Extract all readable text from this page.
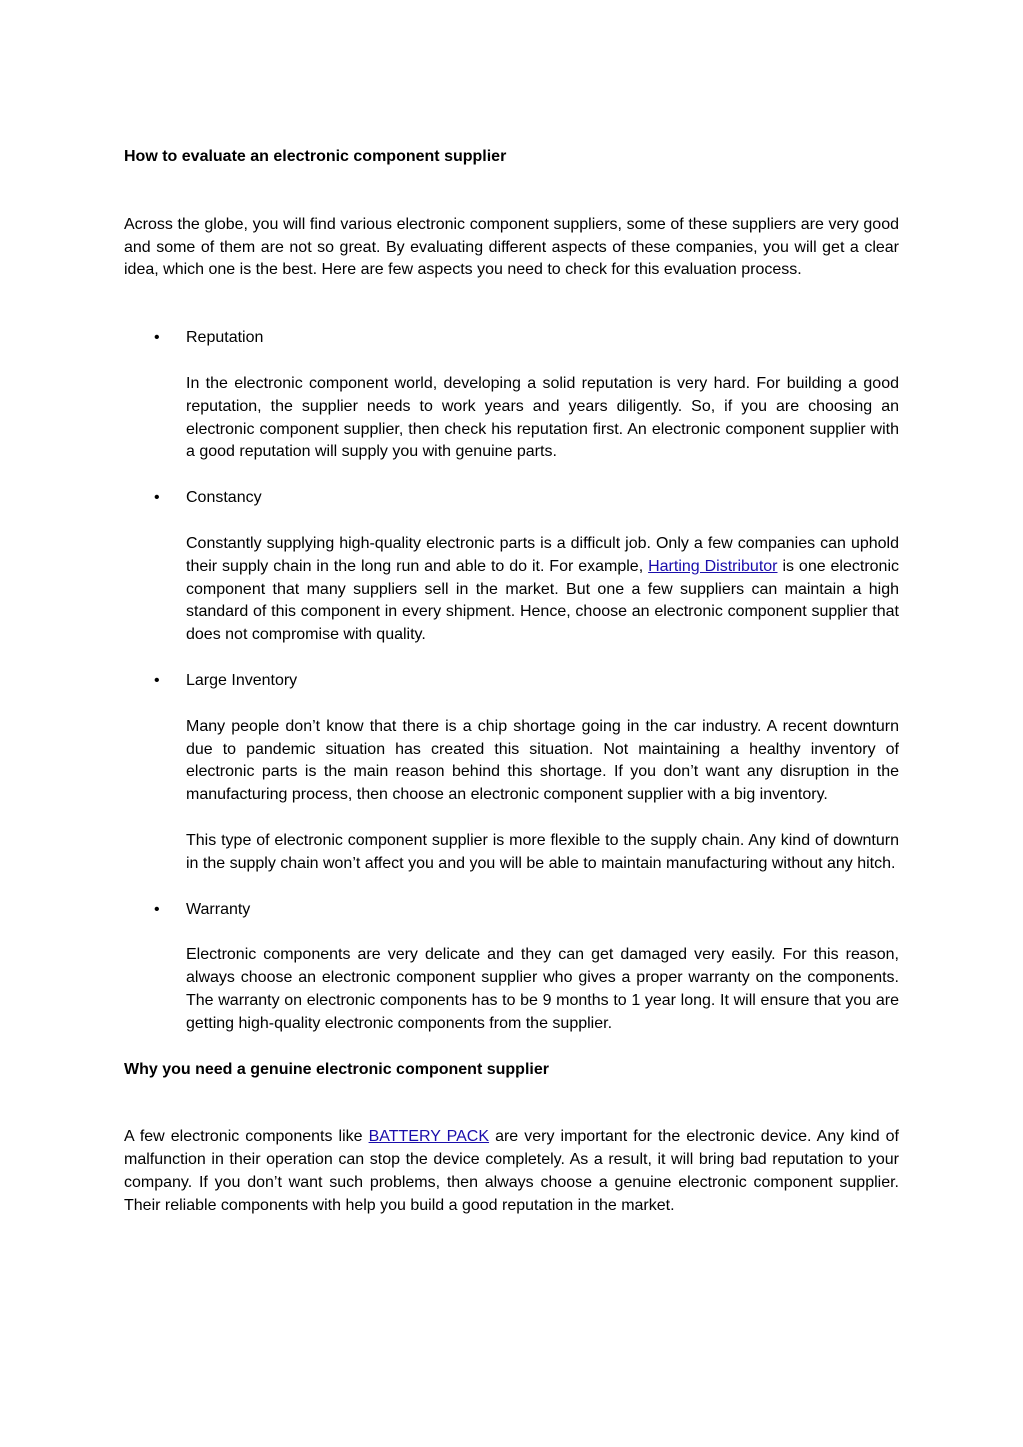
How to evaluate an electronic component supplier

Across the globe, you will find various electronic component suppliers, some of these suppliers are very good and some of them are not so great. By evaluating different aspects of these companies, you will get a clear idea, which one is the best. Here are few aspects you need to check for this evaluation process.

• Reputation

In the electronic component world, developing a solid reputation is very hard. For building a good reputation, the supplier needs to work years and years diligently. So, if you are choosing an electronic component supplier, then check his reputation first. An electronic component supplier with a good reputation will supply you with genuine parts.

• Constancy

Constantly supplying high-quality electronic parts is a difficult job. Only a few companies can uphold their supply chain in the long run and able to do it. For example, Harting Distributor is one electronic component that many suppliers sell in the market. But one a few suppliers can maintain a high standard of this component in every shipment. Hence, choose an electronic component supplier that does not compromise with quality.

• Large Inventory

Many people don’t know that there is a chip shortage going in the car industry. A recent downturn due to pandemic situation has created this situation. Not maintaining a healthy inventory of electronic parts is the main reason behind this shortage. If you don’t want any disruption in the manufacturing process, then choose an electronic component supplier with a big inventory.

This type of electronic component supplier is more flexible to the supply chain. Any kind of downturn in the supply chain won’t affect you and you will be able to maintain manufacturing without any hitch.

• Warranty

Electronic components are very delicate and they can get damaged very easily. For this reason, always choose an electronic component supplier who gives a proper warranty on the components. The warranty on electronic components has to be 9 months to 1 year long. It will ensure that you are getting high-quality electronic components from the supplier.

Why you need a genuine electronic component supplier

A few electronic components like BATTERY PACK are very important for the electronic device. Any kind of malfunction in their operation can stop the device completely. As a result, it will bring bad reputation to your company. If you don’t want such problems, then always choose a genuine electronic component supplier. Their reliable components with help you build a good reputation in the market.
